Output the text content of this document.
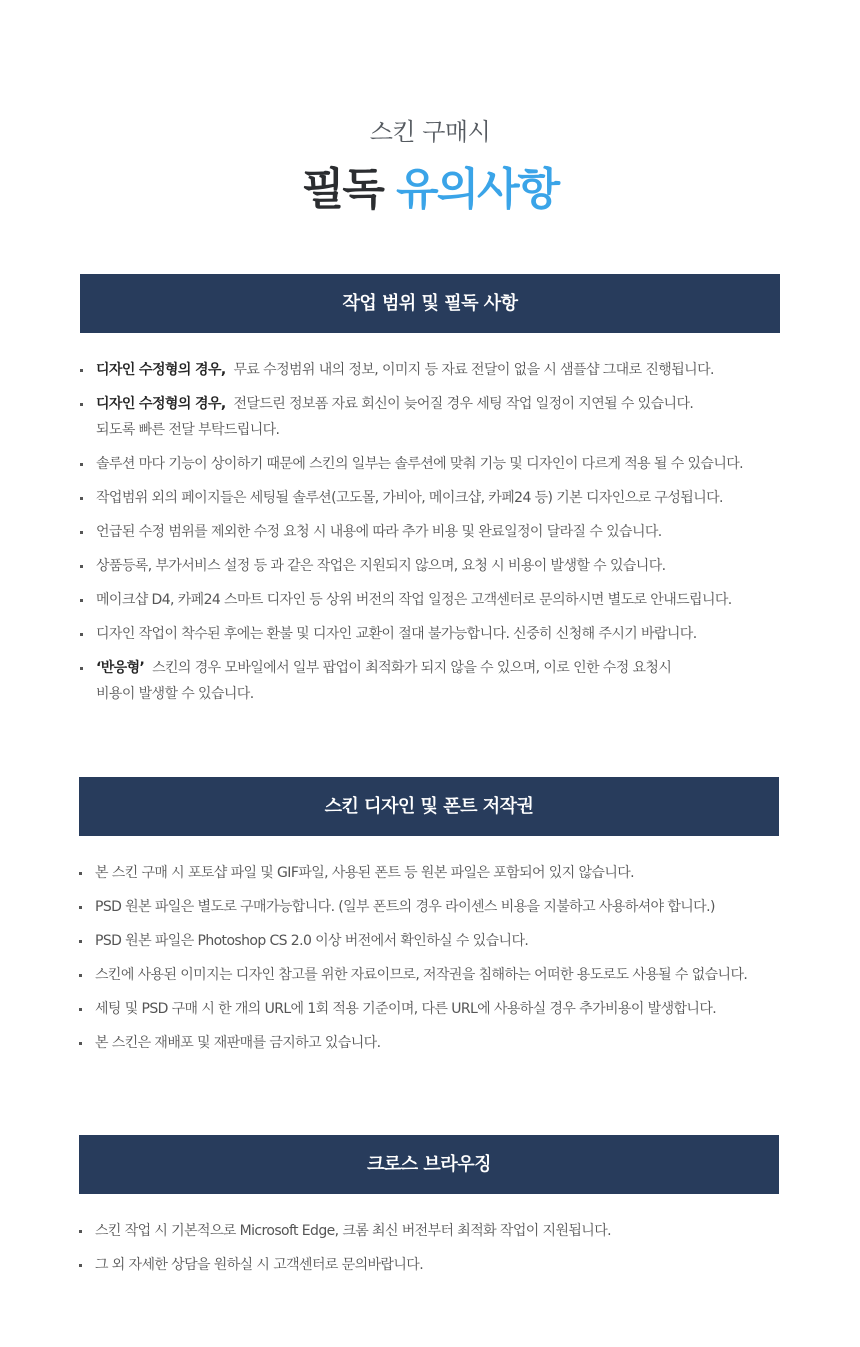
스킨 구매시
필독 유의사항
작업 범위 및 필독 사항
디자인 수정형의 경우, 무료 수정범위 내의 정보, 이미지 등 자료 전달이 없을 시 샘플샵 그대로 진행됩니다.
디자인 수정형의 경우, 전달드린 정보폼 자료 회신이 늦어질 경우 세팅 작업 일정이 지연될 수 있습니다.
되도록 빠른 전달 부탁드립니다.
솔루션 마다 기능이 상이하기 때문에 스킨의 일부는 솔루션에 맞춰 기능 및 디자인이 다르게 적용 될 수 있습니다.
작업범위 외의 페이지들은 세팅될 솔루션(고도몰, 가비아, 메이크샵, 카페24 등) 기본 디자인으로 구성됩니다.
언급된 수정 범위를 제외한 수정 요청 시 내용에 따라 추가 비용 및 완료일정이 달라질 수 있습니다.
상품등록, 부가서비스 설정 등 과 같은 작업은 지원되지 않으며, 요청 시 비용이 발생할 수 있습니다.
메이크샵 D4, 카페24 스마트 디자인 등 상위 버전의 작업 일정은 고객센터로 문의하시면 별도로 안내드립니다.
디자인 작업이 착수된 후에는 환불 및 디자인 교환이 절대 불가능합니다. 신중히 신청해 주시기 바랍니다.
‘반응형’ 스킨의 경우 모바일에서 일부 팝업이 최적화가 되지 않을 수 있으며, 이로 인한 수정 요청시
비용이 발생할 수 있습니다.
스킨 디자인 및 폰트 저작권
본 스킨 구매 시 포토샵 파일 및 GIF파일, 사용된 폰트 등 원본 파일은 포함되어 있지 않습니다.
PSD 원본 파일은 별도로 구매가능합니다. (일부 폰트의 경우 라이센스 비용을 지불하고 사용하셔야 합니다.)
PSD 원본 파일은 Photoshop CS 2.0 이상 버전에서 확인하실 수 있습니다.
스킨에 사용된 이미지는 디자인 참고를 위한 자료이므로, 저작권을 침해하는 어떠한 용도로도 사용될 수 없습니다.
세팅 및 PSD 구매 시 한 개의 URL에 1회 적용 기준이며, 다른 URL에 사용하실 경우 추가비용이 발생합니다.
본 스킨은 재배포 및 재판매를 금지하고 있습니다.
크로스 브라우징
스킨 작업 시 기본적으로 Microsoft Edge, 크롬 최신 버전부터 최적화 작업이 지원됩니다.
그 외 자세한 상담을 원하실 시 고객센터로 문의바랍니다.
